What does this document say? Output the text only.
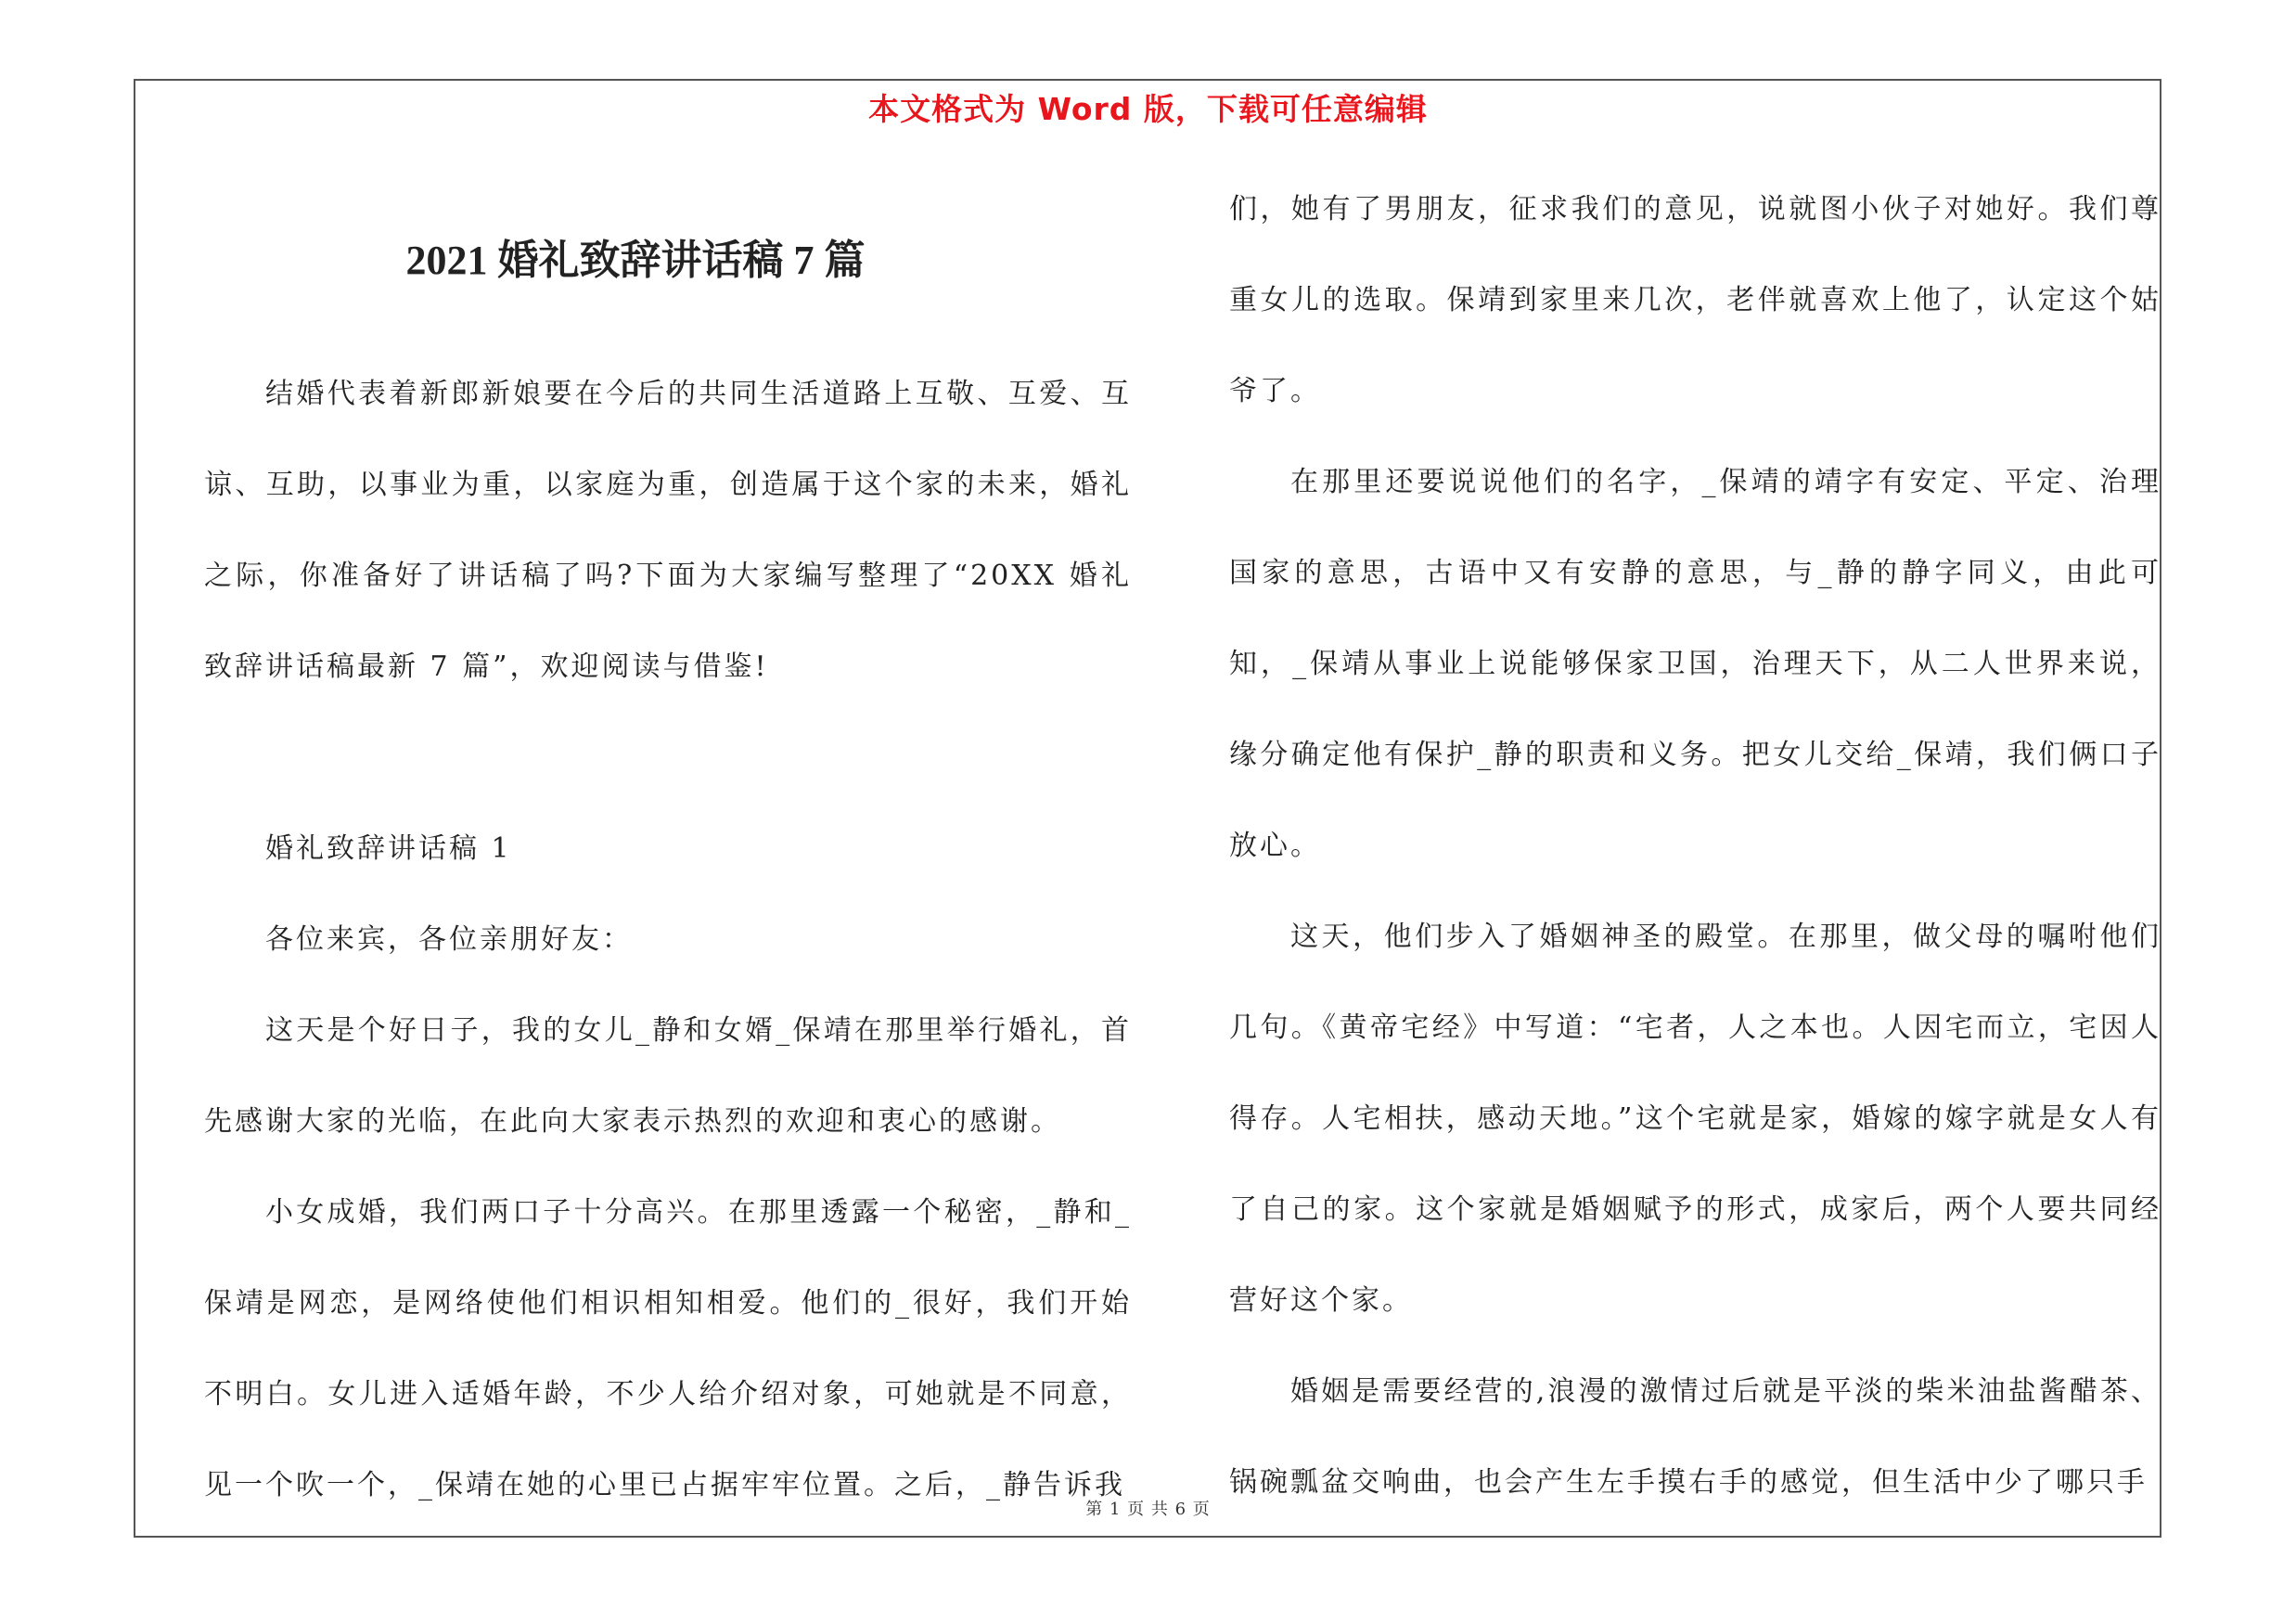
本文格式为 Word 版，下载可任意编辑
2021 婚礼致辞讲话稿 7 篇

结婚代表着新郎新娘要在今后的共同生活道路上互敬、互爱、互谅、互助，以事业为重，以家庭为重，创造属于这个家的未来，婚礼之际，你准备好了讲话稿了吗?下面为大家编写整理了“20XX 婚礼致辞讲话稿最新 7 篇”，欢迎阅读与借鉴!

婚礼致辞讲话稿 1

各位来宾，各位亲朋好友：

这天是个好日子，我的女儿_静和女婿_保靖在那里举行婚礼，首先感谢大家的光临，在此向大家表示热烈的欢迎和衷心的感谢。

小女成婚，我们两口子十分高兴。在那里透露一个秘密，_静和_保靖是网恋，是网络使他们相识相知相爱。他们的_很好，我们开始不明白。女儿进入适婚年龄，不少人给介绍对象，可她就是不同意，见一个吹一个，_保靖在她的心里已占据牢牢位置。之后，_静告诉我

们，她有了男朋友，征求我们的意见，说就图小伙子对她好。我们尊重女儿的选取。保靖到家里来几次，老伴就喜欢上他了，认定这个姑爷了。

在那里还要说说他们的名字，_保靖的靖字有安定、平定、治理国家的意思，古语中又有安静的意思，与_静的静字同义，由此可知，_保靖从事业上说能够保家卫国，治理天下，从二人世界来说，缘分确定他有保护_静的职责和义务。把女儿交给_保靖，我们俩口子放心。

这天，他们步入了婚姻神圣的殿堂。在那里，做父母的嘱咐他们几句。《黄帝宅经》中写道：“宅者，人之本也。人因宅而立，宅因人得存。人宅相扶，感动天地。”这个宅就是家，婚嫁的嫁字就是女人有了自己的家。这个家就是婚姻赋予的形式，成家后，两个人要共同经营好这个家。

婚姻是需要经营的,浪漫的激情过后就是平淡的柴米油盐酱醋茶、锅碗瓢盆交响曲，也会产生左手摸右手的感觉，但生活中少了哪只手

第 1 页 共 6 页
